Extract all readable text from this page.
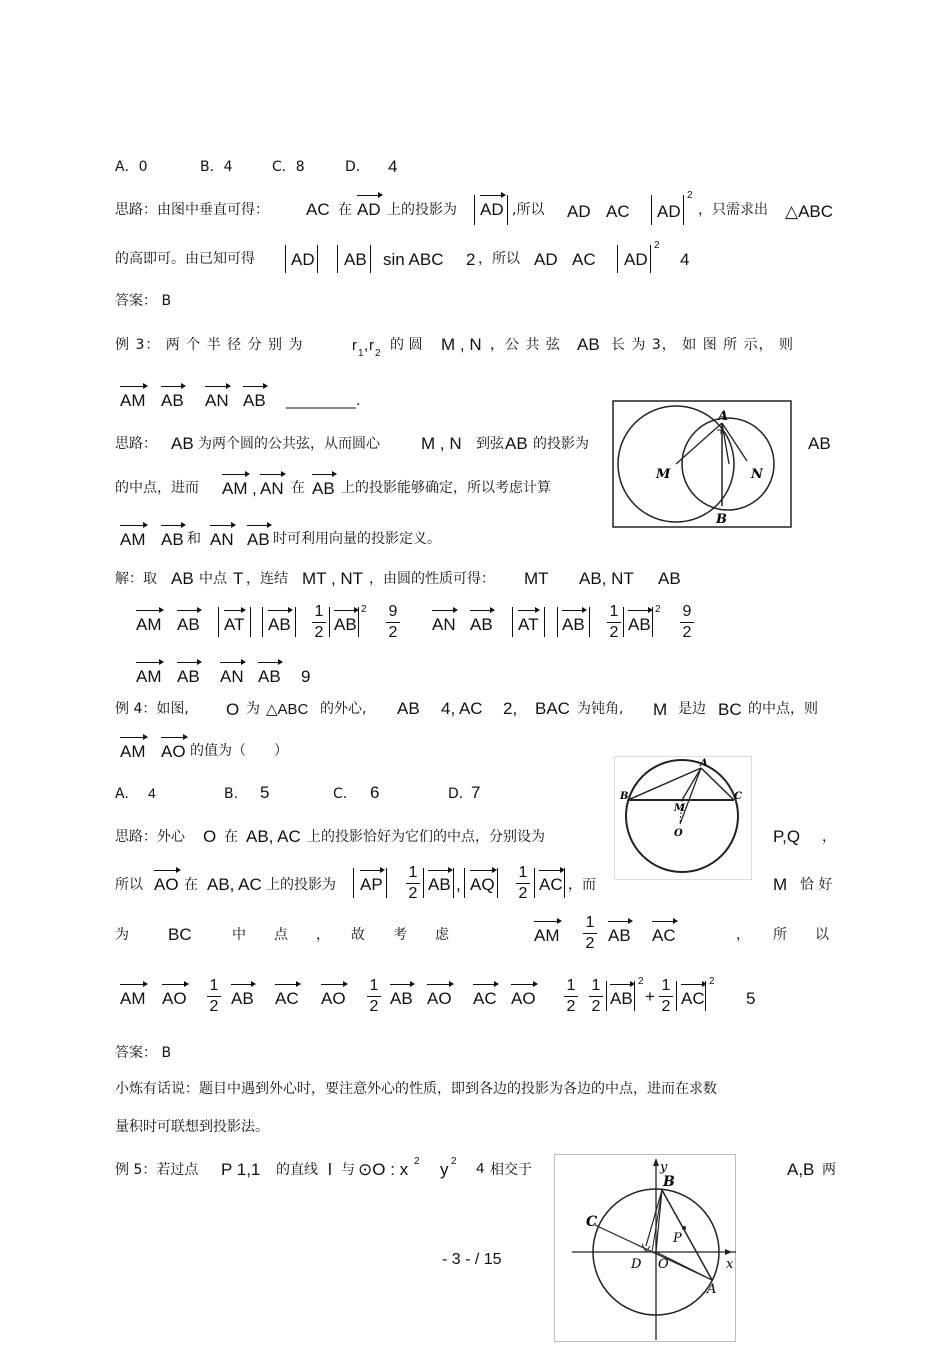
A．0	B．4	C．8	D． 4
思路：由图中垂直可得： AC 在 AD 上的投影为 AD ,所以 AD AC AD
2
，只需求出 △ABC
的高即可。由已知可得 AD AB sin ABC 2 ，所以 AD AC AD
2
4
答案： B
例 3： 两 个 半 径 分 别 为	r 1 , r 2
的 圆 M , N ，公 共 弦 AB 长 为 3， 如 图 所 示， 则
AM AB AN AB __________.
A
B
M	N
思路： AB 为两个圆的公共弦，从而圆心 M , N 到弦 AB 的投影为	AB
的中点，进而 AM , AN 在 AB 上的投影能够确定，所以考虑计算
AM AB 和 AN AB 时可利用向量的投影定义。
解：取 AB 中点 T ，连结 MT , NT ，由圆的性质可得： MT AB, NT AB
AM AB AT AB
1
2 AB
2 9
2 AN AB AT AB
1
2 AB
2 9
2
AM AB AN AB 9
例 4：如图, O 为 △ABC 的外心, AB 4, AC 2, BAC 为钝角, M 是边 BC 的中点，则
AM AO 的值为（　　）
A. 4	B. 5	C. 6	D. 7
A
B	C
M
O
思路：外心 O 在 AB, AC 上的投影恰好为它们的中点，分别设为	P,Q ，
所以 AO 在 AB, AC 上的投影为 AP
1
2 AB , AQ
1
2 AC ，而	M 恰 好
为 BC	中　　点　　，　　故　　考　　虑	AM
1
2 AB AC	， 所　　以
AM AO
1
2 AB AC AO
1
2 AB AO AC AO
1
2
1
2 AB
2
+
1
2 AC
2
5
答案： B
小炼有话说：题目中遇到外心时，要注意外心的性质，即到各边的投影为各边的中点，进而在求数
量积时可联想到投影法。
例 5：若过点 P 1,1 的直线 l 与 ⊙O : x 2 y 2 4 相交于	A,B 两
B
C
D O
P
A
x
y
- 3 - / 15
